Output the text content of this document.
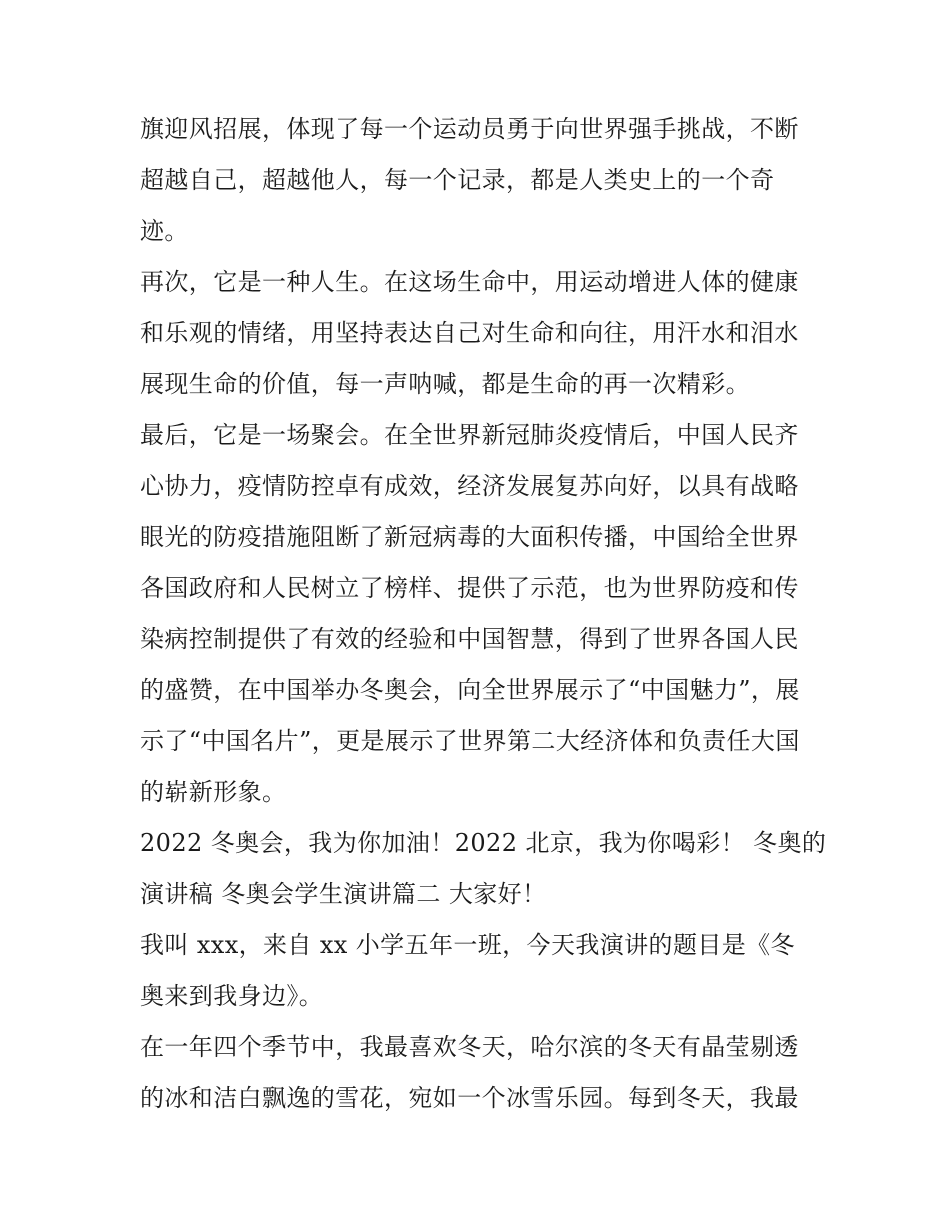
旗迎风招展，体现了每一个运动员勇于向世界强手挑战，不断
超越自己，超越他人，每一个记录，都是人类史上的一个奇
迹。
再次，它是一种人生。在这场生命中，用运动增进人体的健康
和乐观的情绪，用坚持表达自己对生命和向往，用汗水和泪水
展现生命的价值，每一声呐喊，都是生命的再一次精彩。
最后，它是一场聚会。在全世界新冠肺炎疫情后，中国人民齐
心协力，疫情防控卓有成效，经济发展复苏向好，以具有战略
眼光的防疫措施阻断了新冠病毒的大面积传播，中国给全世界
各国政府和人民树立了榜样、提供了示范，也为世界防疫和传
染病控制提供了有效的经验和中国智慧，得到了世界各国人民
的盛赞，在中国举办冬奥会，向全世界展示了“中国魅力”，展
示了“中国名片”，更是展示了世界第二大经济体和负责任大国
的崭新形象。
2022 冬奥会，我为你加油！2022 北京，我为你喝彩！ 冬奥的
演讲稿 冬奥会学生演讲篇二 大家好！
我叫 xxx，来自 xx 小学五年一班，今天我演讲的题目是《冬
奥来到我身边》。
在一年四个季节中，我最喜欢冬天，哈尔滨的冬天有晶莹剔透
的冰和洁白飘逸的雪花，宛如一个冰雪乐园。每到冬天，我最
